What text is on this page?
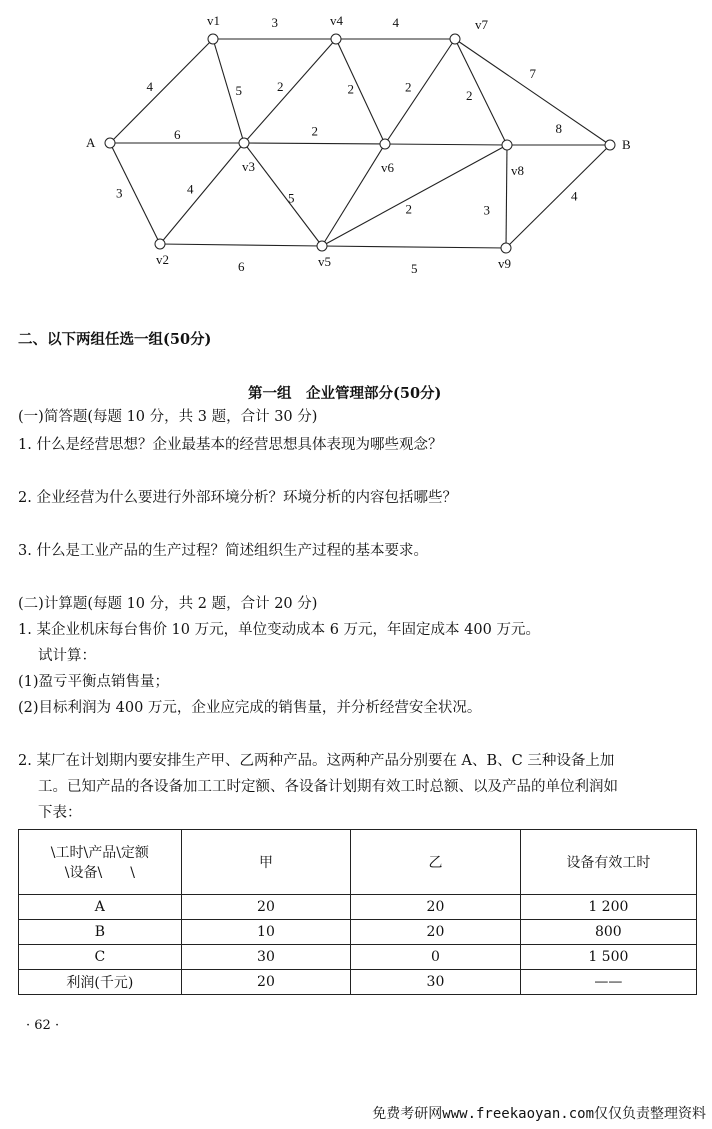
4
6
3
3
5
4
2	2
2
4
5
2
2
7
8
2	3
4
6	5
A
v1
v2
v3
v4
v5
v6
v7
v8
v9
B
二、以下两组任选一组(50分)
第一组　企业管理部分(50分)
(一)简答题(每题 10 分，共 3 题，合计 30 分)
1. 什么是经营思想？企业最基本的经营思想具体表现为哪些观念？
2. 企业经营为什么要进行外部环境分析？环境分析的内容包括哪些？
3. 什么是工业产品的生产过程？简述组织生产过程的基本要求。
(二)计算题(每题 10 分，共 2 题，合计 20 分)
1. 某企业机床每台售价 10 万元，单位变动成本 6 万元，年固定成本 400 万元。
试计算：
(1)盈亏平衡点销售量；
(2)目标利润为 400 万元，企业应完成的销售量，并分析经营安全状况。
2. 某厂在计划期内要安排生产甲、乙两种产品。这两种产品分别要在 A、B、C 三种设备上加
工。已知产品的各设备加工工时定额、各设备计划期有效工时总额、以及产品的单位利润如
下表：
\工时\产品\定额
\设备\　　\	甲	乙	设备有效工时
A	20	20	1 200
B	10	20	800
C	30	0	1 500
利润(千元)	20	30	——
· 62 ·
免费考研网www.freekaoyan.com仅仅负责整理资料
